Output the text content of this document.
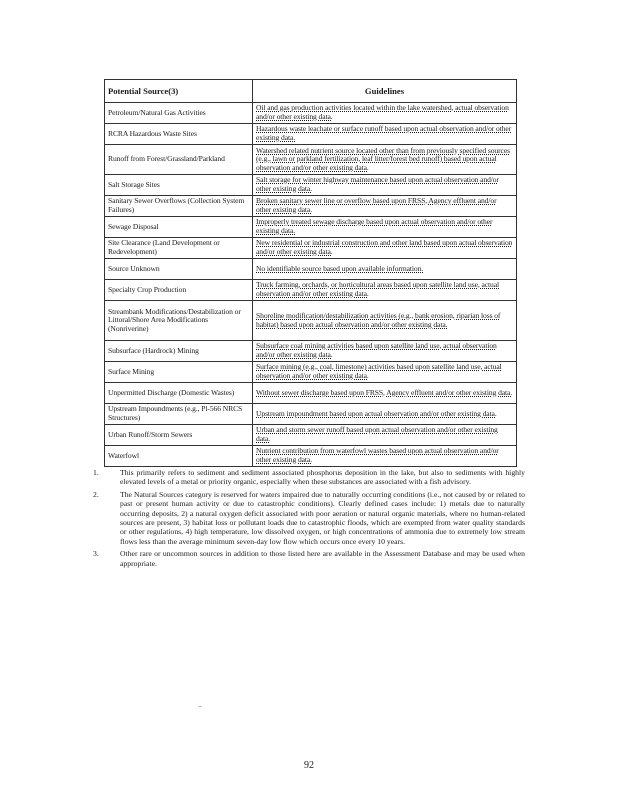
Potential Source(3)	Guidelines
Petroleum/Natural Gas Activities	Oil and gas production activities located within the lake watershed, actual observation and/or other existing data.
RCRA Hazardous Waste Sites	Hazardous waste leachate or surface runoff based upon actual observation and/or other existing data.
Runoff from Forest/Grassland/Parkland	Watershed related nutrient source located other than from previously specified sources (e.g., lawn or parkland fertilization, leaf litter/forest bed runoff) based upon actual observation and/or other existing data.
Salt Storage Sites	Salt storage for winter highway maintenance based upon actual observation and/or other existing data.
Sanitary Sewer Overflows (Collection System Failures)	Broken sanitary sewer line or overflow based upon FRSS, Agency effluent and/or other existing data.
Sewage Disposal	Improperly treated sewage discharge based upon actual observation and/or other existing data.
Site Clearance (Land Development or Redevelopment)	New residential or industrial construction and other land based upon actual observation and/or other existing data.
Source Unknown	No identifiable source based upon available information.
Specialty Crop Production	Truck farming, orchards, or horticultural areas based upon satellite land use, actual observation and/or other existing data.
Streambank Modifications/Destabilization or Littoral/Shore Area Modifications (Nonriverine)	Shoreline modification/destabilization activities (e.g., bank erosion, riparian loss of habitat) based upon actual observation and/or other existing data.
Subsurface (Hardrock) Mining	Subsurface coal mining activities based upon satellite land use, actual observation and/or other existing data.
Surface Mining	Surface mining (e.g., coal, limestone) activities based upon satellite land use, actual observation and/or other existing data.
Unpermitted Discharge (Domestic Wastes)	Without sewer discharge based upon FRSS, Agency effluent and/or other existing data.
Upstream Impoundments (e.g., Pl-566 NRCS Structures)	Upstream impoundment based upon actual observation and/or other existing data.
Urban Runoff/Storm Sewers	Urban and storm sewer runoff based upon actual observation and/or other existing data.
Waterfowl	Nutrient contribution from waterfowl wastes based upon actual observation and/or other existing data.
1.	This primarily refers to sediment and sediment associated phosphorus deposition in the lake, but also to sediments with highly elevated levels of a metal or priority organic, especially when these substances are associated with a fish advisory.
2.	The Natural Sources category is reserved for waters impaired due to naturally occurring conditions (i.e., not caused by or related to past or present human activity or due to catastrophic conditions). Clearly defined cases include: 1) metals due to naturally occurring deposits, 2) a natural oxygen deficit associated with poor aeration or natural organic materials, where no human-related sources are present, 3) habitat loss or pollutant loads due to catastrophic floods, which are exempted from water quality standards or other regulations, 4) high temperature, low dissolved oxygen, or high concentrations of ammonia due to extremely low stream flows less than the average minimum seven-day low flow which occurs once every 10 years.
3.	Other rare or uncommon sources in addition to those listed here are available in the Assessment Database and may be used when appropriate.
.
92
